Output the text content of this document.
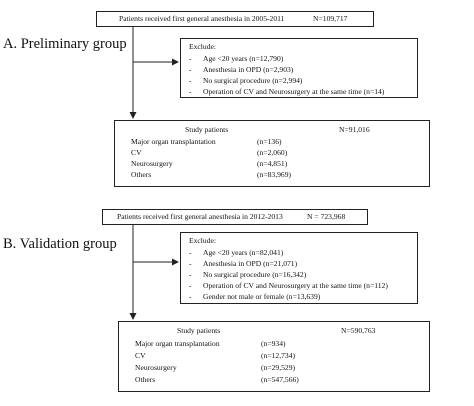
A. Preliminary group
Patients received first general anesthesia in 2005-2011	N=109,717
Exclude:
- Age <20 years (n=12,790)
- Anesthesia in OPD (n=2,903)
- No surgical procedure (n=2,994)
- Operation of CV and Neurosurgery at the same time (n=14)
Study patients	N=91,016
Major organ transplantation	(n=136)
CV	(n=2,060)
Neurosurgery	(n=4,851)
Others	(n=83,969)
B. Validation group
Patients received first general anesthesia in 2012-2013	N = 723,968
Exclude:
- Age <20 years (n=82,041)
- Anesthesia in OPD (n=21,071)
- No surgical procedure (n=16,342)
- Operation of CV and Neurosurgery at the same time (n=112)
- Gender not male or female (n=13,639)
Study patients	N=590,763
Major organ transplantation	(n=934)
CV	(n=12,734)
Neurosurgery	(n=29,529)
Others	(n=547,566)
